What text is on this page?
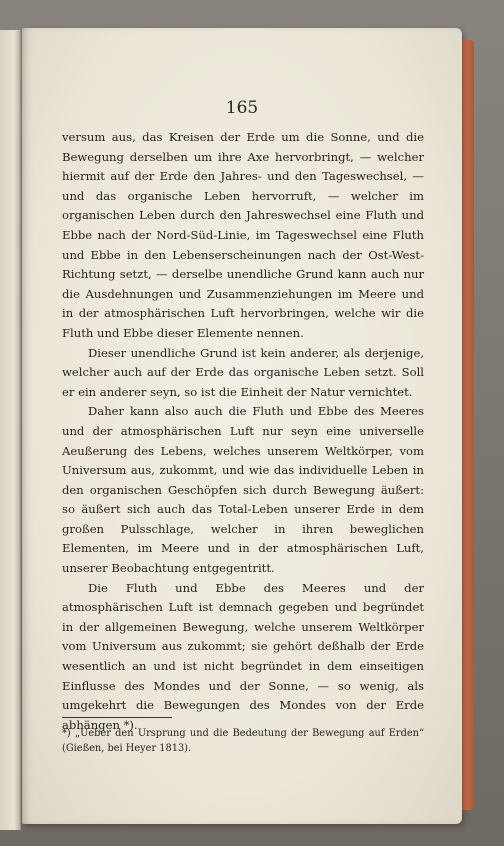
165

versum aus, das Kreisen der Erde um die Sonne, und die Bewegung derselben um ihre Axe hervorbringt, — welcher hiermit auf der Erde den Jahres- und den Tageswechsel, — und das organische Leben hervorruft, — welcher im organischen Leben durch den Jahreswechsel eine Fluth und Ebbe nach der Nord-Süd-Linie, im Tageswechsel eine Fluth und Ebbe in den Lebenserscheinungen nach der Ost-West-Richtung setzt, — derselbe unendliche Grund kann auch nur die Ausdehnungen und Zusammenziehungen im Meere und in der atmosphärischen Luft hervorbringen, welche wir die Fluth und Ebbe dieser Elemente nennen.

Dieser unendliche Grund ist kein anderer, als derjenige, welcher auch auf der Erde das organische Leben setzt. Soll er ein anderer seyn, so ist die Einheit der Natur vernichtet.

Daher kann also auch die Fluth und Ebbe des Meeres und der atmosphärischen Luft nur seyn eine universelle Aeußerung des Lebens, welches unserem Weltkörper, vom Universum aus, zukommt, und wie das individuelle Leben in den organischen Geschöpfen sich durch Bewegung äußert: so äußert sich auch das Total-Leben unserer Erde in dem großen Pulsschlage, welcher in ihren beweglichen Elementen, im Meere und in der atmosphärischen Luft, unserer Beobachtung entgegentritt.

Die Fluth und Ebbe des Meeres und der atmosphärischen Luft ist demnach gegeben und begründet in der allgemeinen Bewegung, welche unserem Weltkörper vom Universum aus zukommt; sie gehört deßhalb der Erde wesentlich an und ist nicht begründet in dem einseitigen Einflusse des Mondes und der Sonne, — so wenig, als umgekehrt die Bewegungen des Mondes von der Erde abhängen *).

*) „Ueber den Ursprung und die Bedeutung der Bewegung auf Erden“ (Gießen, bei Heyer 1813).
